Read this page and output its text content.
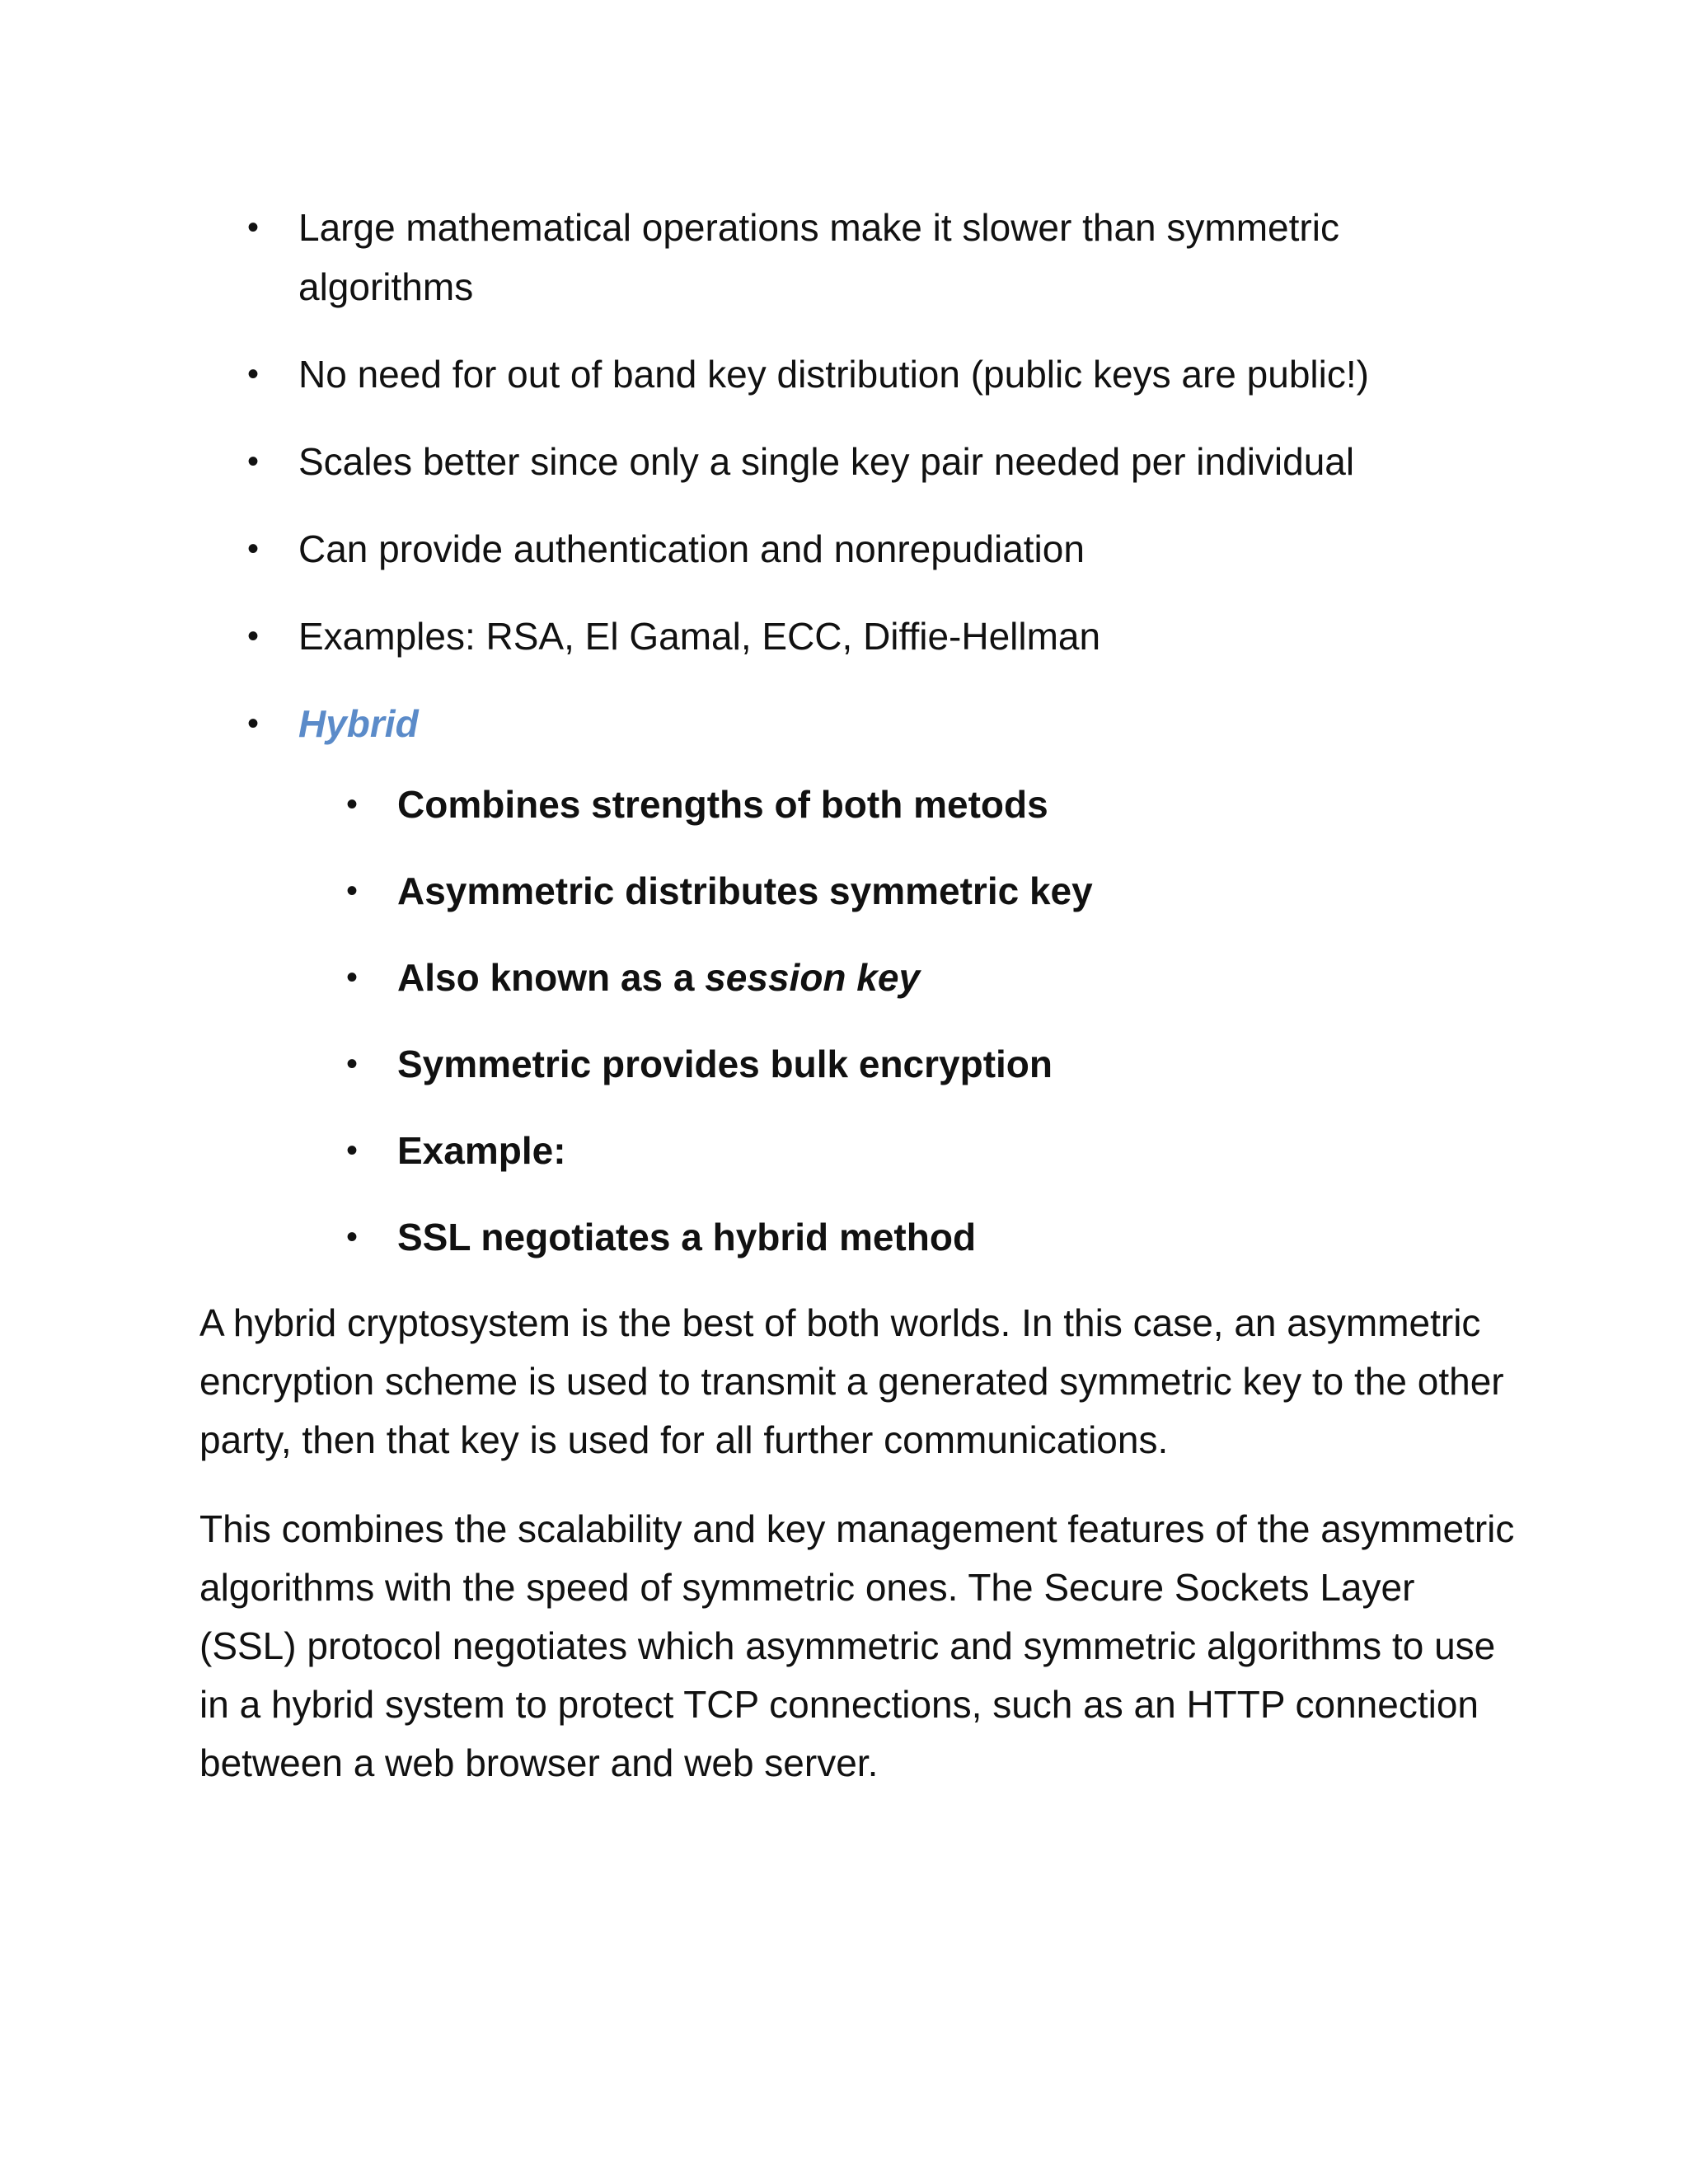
• Large mathematical operations make it slower than symmetric algorithms
• No need for out of band key distribution (public keys are public!)
• Scales better since only a single key pair needed per individual
• Can provide authentication and nonrepudiation
• Examples: RSA, El Gamal, ECC, Diffie-Hellman
• Hybrid
• Combines strengths of both metods
• Asymmetric distributes symmetric key
• Also known as a session key
• Symmetric provides bulk encryption
• Example:
• SSL negotiates a hybrid method

A hybrid cryptosystem is the best of both worlds. In this case, an asymmetric encryption scheme is used to transmit a generated symmetric key to the other party, then that key is used for all further communications.

This combines the scalability and key management features of the asymmetric algorithms with the speed of symmetric ones. The Secure Sockets Layer (SSL) protocol negotiates which asymmetric and symmetric algorithms to use in a hybrid system to protect TCP connections, such as an HTTP connection between a web browser and web server.
